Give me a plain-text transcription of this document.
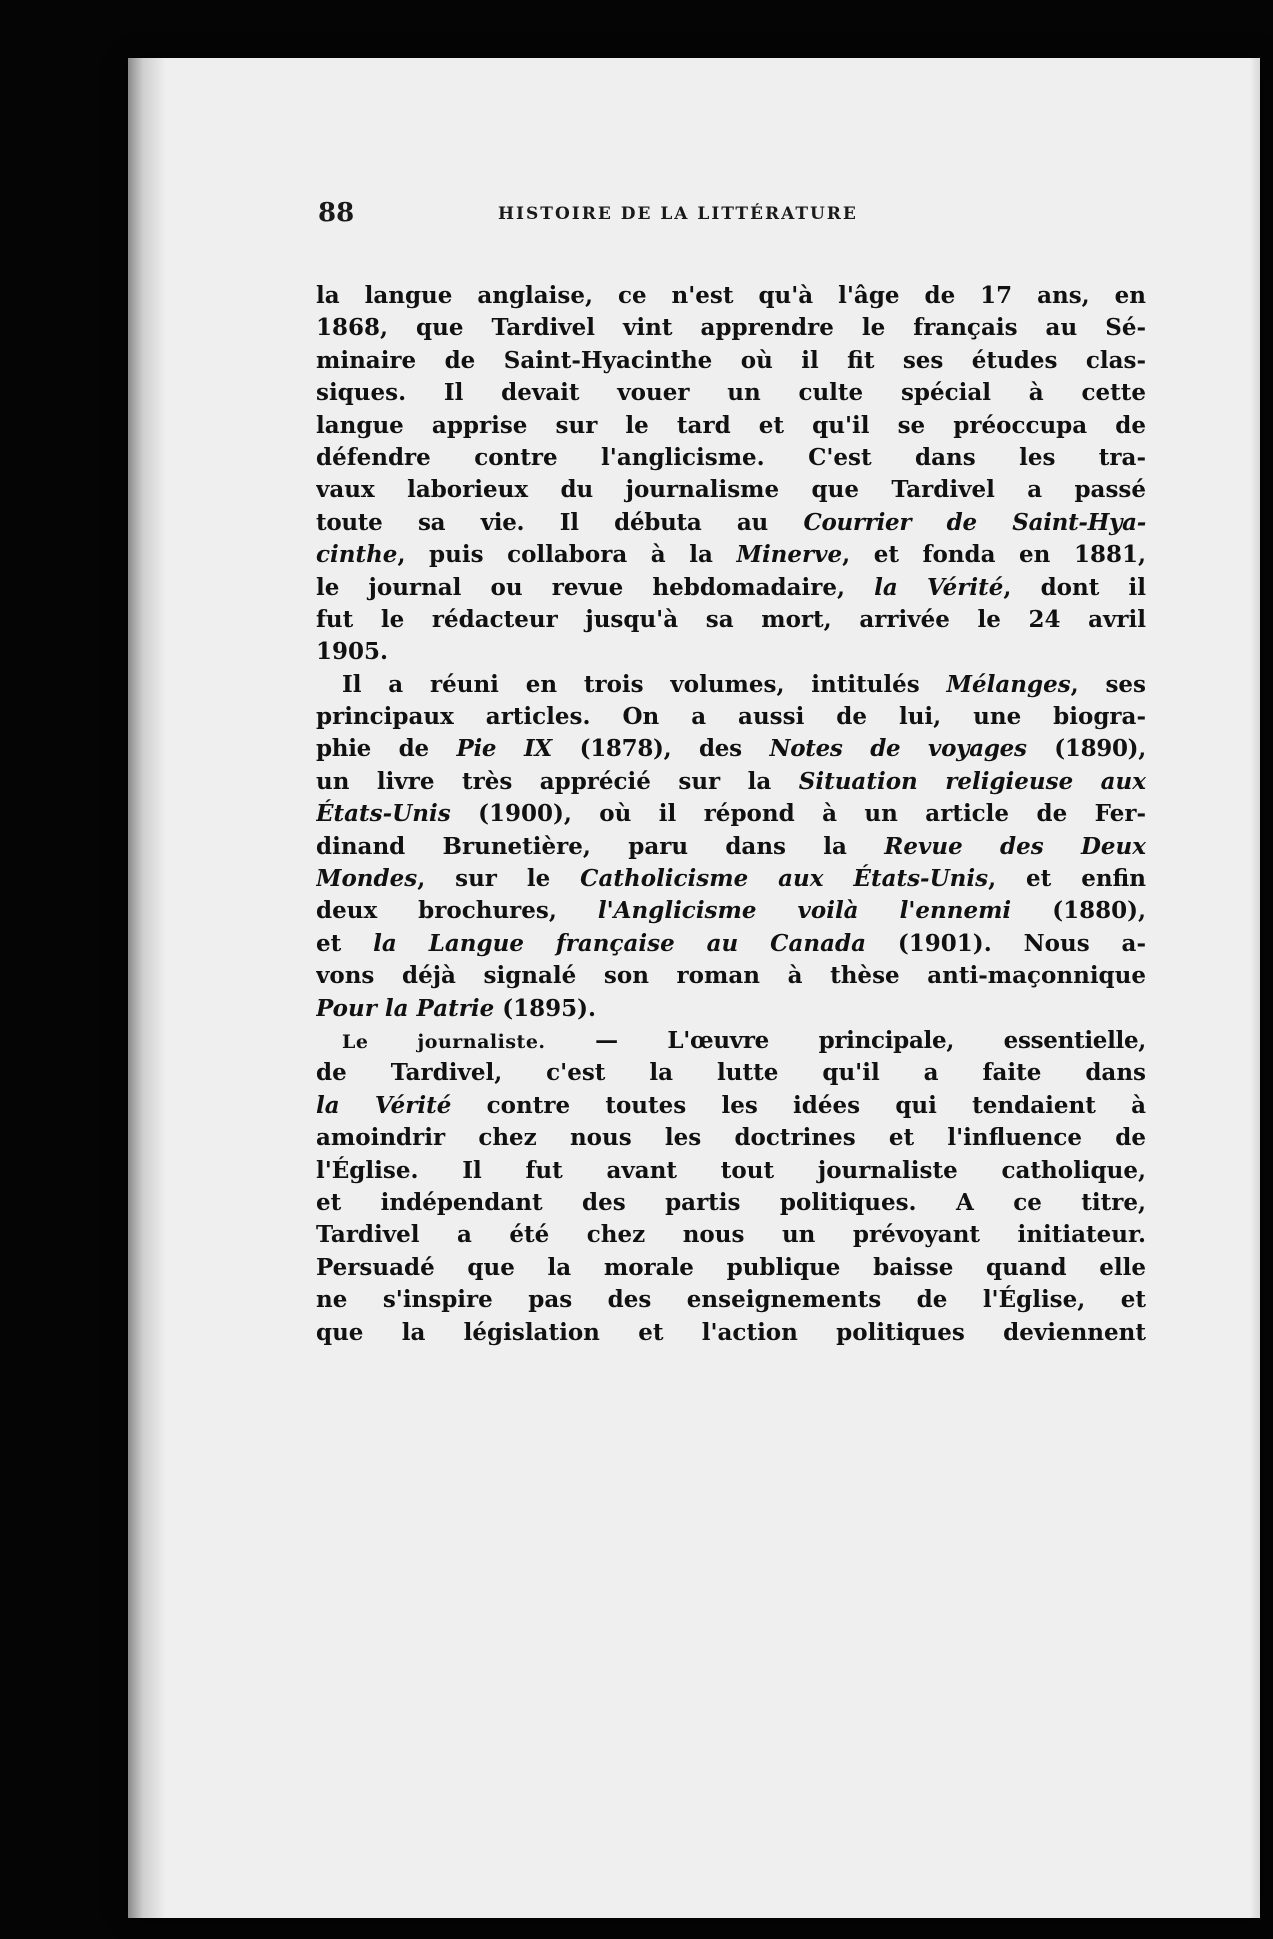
88	HISTOIRE DE LA LITTÉRATURE
la langue anglaise, ce n'est qu'à l'âge de 17 ans, en
1868, que Tardivel vint apprendre le français au Sé-
minaire de Saint-Hyacinthe où il fit ses études clas-
siques. Il devait vouer un culte spécial à cette
langue apprise sur le tard et qu'il se préoccupa de
défendre contre l'anglicisme. C'est dans les tra-
vaux laborieux du journalisme que Tardivel a passé
toute sa vie. Il débuta au Courrier de Saint-Hya-
cinthe, puis collabora à la Minerve, et fonda en 1881,
le journal ou revue hebdomadaire, la Vérité, dont il
fut le rédacteur jusqu'à sa mort, arrivée le 24 avril
1905.
Il a réuni en trois volumes, intitulés Mélanges, ses
principaux articles. On a aussi de lui, une biogra-
phie de Pie IX (1878), des Notes de voyages (1890),
un livre très apprécié sur la Situation religieuse aux
États-Unis (1900), où il répond à un article de Fer-
dinand Brunetière, paru dans la Revue des Deux
Mondes, sur le Catholicisme aux États-Unis, et enfin
deux brochures, l'Anglicisme voilà l'ennemi (1880),
et la Langue française au Canada (1901). Nous a-
vons déjà signalé son roman à thèse anti-maçonnique
Pour la Patrie (1895).
Le journaliste. — L'œuvre principale, essentielle,
de Tardivel, c'est la lutte qu'il a faite dans
la Vérité contre toutes les idées qui tendaient à
amoindrir chez nous les doctrines et l'influence de
l'Église. Il fut avant tout journaliste catholique,
et indépendant des partis politiques. A ce titre,
Tardivel a été chez nous un prévoyant initiateur.
Persuadé que la morale publique baisse quand elle
ne s'inspire pas des enseignements de l'Église, et
que la législation et l'action politiques deviennent
